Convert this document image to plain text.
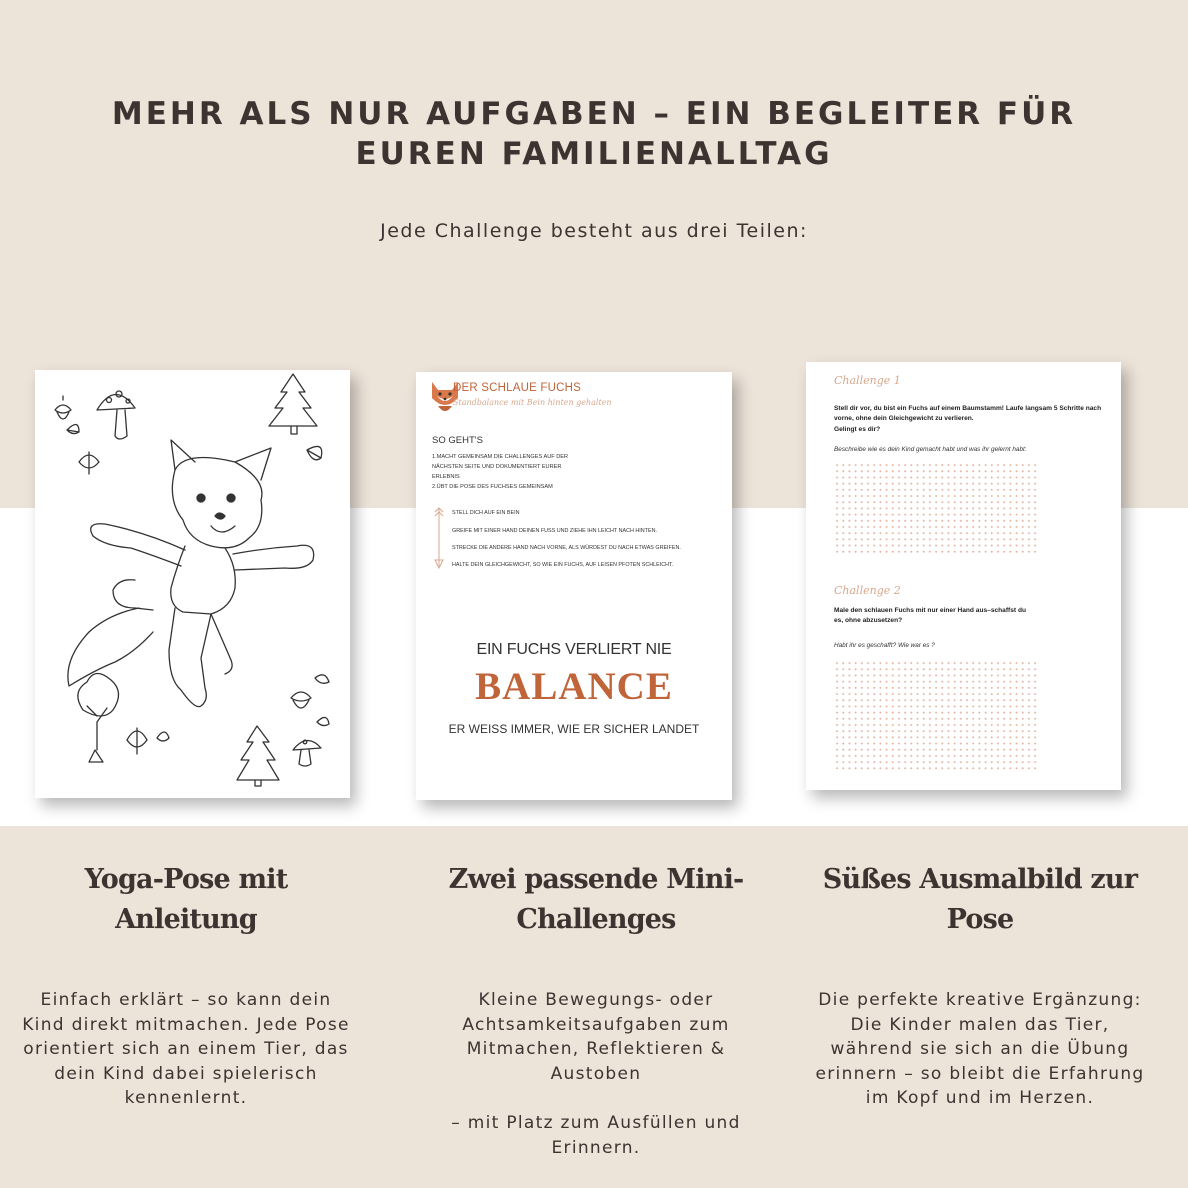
MEHR ALS NUR AUFGABEN – EIN BEGLEITER FÜR EUREN FAMILIENALLTAG
Jede Challenge besteht aus drei Teilen:
DER SCHLAUE FUCHS
Standbalance mit Bein hinten gehalten
SO GEHT'S
1.MACHT GEMEINSAM DIE CHALLENGES AUF DER NÄCHSTEN SEITE UND DOKUMENTIERT EURER ERLEBNIS
2.ÜBT DIE POSE DES FUCHSES GEMEINSAM
STELL DICH AUF EIN BEIN
GREIFE MIT EINER HAND DEINEN FUSS UND ZIEHE IHN LEICHT NACH HINTEN.
STRECKE DIE ANDERE HAND NACH VORNE, ALS WÜRDEST DU NACH ETWAS GREIFEN.
HALTE DEIN GLEICHGEWICHT, SO WIE EIN FUCHS, AUF LEISEN PFOTEN SCHLEICHT.
EIN FUCHS VERLIERT NIE
BALANCE
ER WEISS IMMER, WIE ER SICHER LANDET
Challenge 1
Stell dir vor, du bist ein Fuchs auf einem Baumstamm! Laufe langsam 5 Schritte nach vorne, ohne dein Gleichgewicht zu verlieren.
Gelingt es dir?
Beschreibe wie es dein Kind gemacht habt und was ihr gelernt habt:
Challenge 2
Male den schlauen Fuchs mit nur einer Hand aus–schaffst du es, ohne abzusetzen?
Habt ihr es geschafft? Wie war es ?
Yoga-Pose mit Anleitung

Einfach erklärt – so kann dein Kind direkt mitmachen. Jede Pose orientiert sich an einem Tier, das dein Kind dabei spielerisch kennenlernt.

Zwei passende Mini-Challenges

Kleine Bewegungs- oder Achtsamkeitsaufgaben zum Mitmachen, Reflektieren & Austoben

– mit Platz zum Ausfüllen und Erinnern.

Süßes Ausmalbild zur Pose

Die perfekte kreative Ergänzung: Die Kinder malen das Tier, während sie sich an die Übung erinnern – so bleibt die Erfahrung im Kopf und im Herzen.
